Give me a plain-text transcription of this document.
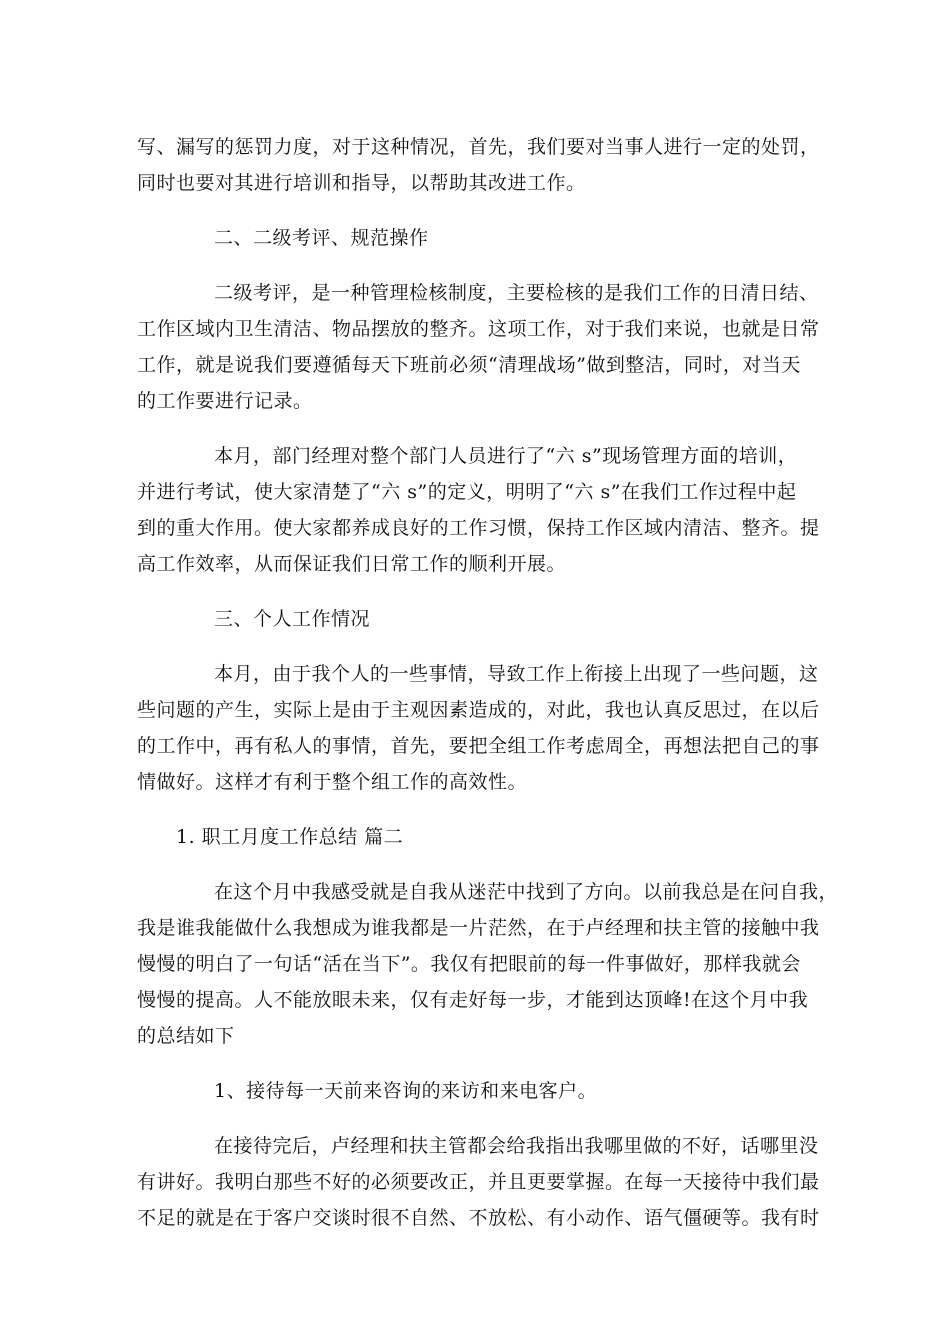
写、漏写的惩罚力度，对于这种情况，首先，我们要对当事人进行一定的处罚，
同时也要对其进行培训和指导，以帮助其改进工作。
二、二级考评、规范操作
二级考评，是一种管理检核制度，主要检核的是我们工作的日清日结、
工作区域内卫生清洁、物品摆放的整齐。这项工作，对于我们来说，也就是日常
工作，就是说我们要遵循每天下班前必须“清理战场”做到整洁，同时，对当天
的工作要进行记录。
本月，部门经理对整个部门人员进行了“六 s”现场管理方面的培训，
并进行考试，使大家清楚了“六 s”的定义，明明了“六 s”在我们工作过程中起
到的重大作用。使大家都养成良好的工作习惯，保持工作区域内清洁、整齐。提
高工作效率，从而保证我们日常工作的顺利开展。
三、个人工作情况
本月，由于我个人的一些事情，导致工作上衔接上出现了一些问题，这
些问题的产生，实际上是由于主观因素造成的，对此，我也认真反思过，在以后
的工作中，再有私人的事情，首先，要把全组工作考虑周全，再想法把自己的事
情做好。这样才有利于整个组工作的高效性。
1. 职工月度工作总结 篇二
在这个月中我感受就是自我从迷茫中找到了方向。以前我总是在问自我，
我是谁我能做什么我想成为谁我都是一片茫然，在于卢经理和扶主管的接触中我
慢慢的明白了一句话“活在当下”。我仅有把眼前的每一件事做好，那样我就会
慢慢的提高。人不能放眼未来，仅有走好每一步，才能到达顶峰!在这个月中我
的总结如下
1、接待每一天前来咨询的来访和来电客户。
在接待完后，卢经理和扶主管都会给我指出我哪里做的不好，话哪里没
有讲好。我明白那些不好的必须要改正，并且更要掌握。在每一天接待中我们最
不足的就是在于客户交谈时很不自然、不放松、有小动作、语气僵硬等。我有时
